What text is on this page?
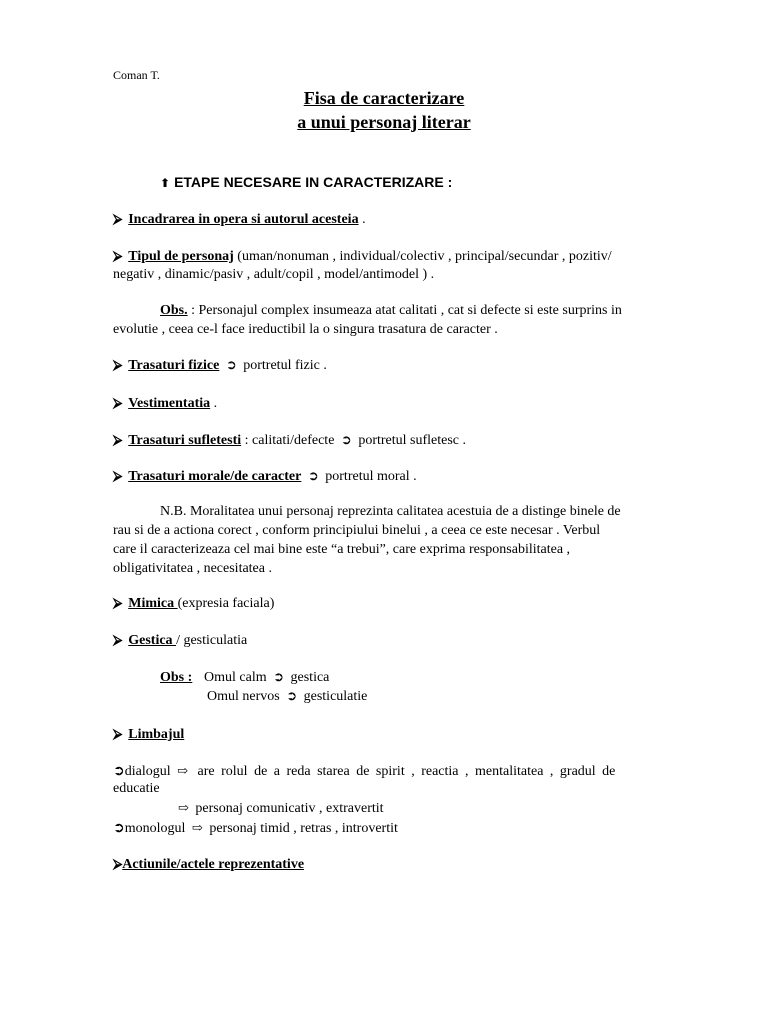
Coman T.
Fisa de caracterizare
a unui personaj literar
⬆ ETAPE NECESARE IN CARACTERIZARE :
⮚ Incadrarea in opera si autorul acesteia .
⮚ Tipul de personaj (uman/nonuman , individual/colectiv , principal/secundar , pozitiv/
negativ , dinamic/pasiv , adult/copil , model/antimodel ) .
Obs. : Personajul complex insumeaza atat calitati , cat si defecte si este surprins in
evolutie , ceea ce-l face ireductibil la o singura trasatura de caracter .
⮚ Trasaturi fizice ➲ portretul fizic .
⮚ Vestimentatia .
⮚ Trasaturi sufletesti : calitati/defecte ➲ portretul sufletesc .
⮚ Trasaturi morale/de caracter ➲ portretul moral .
N.B. Moralitatea unui personaj reprezinta calitatea acestuia de a distinge binele de
rau si de a actiona corect , conform principiului binelui , a ceea ce este necesar . Verbul
care il caracterizeaza cel mai bine este “a trebui”, care exprima responsabilitatea ,
obligativitatea , necesitatea .
⮚ Mimica (expresia faciala)
⮚ Gestica / gesticulatia
Obs : Omul calm ➲ gestica
Omul nervos ➲ gesticulatie
⮚ Limbajul
➲dialogul ⇨ are rolul de a reda starea de spirit , reactia , mentalitatea , gradul de
educatie
⇨ personaj comunicativ , extravertit
➲monologul ⇨ personaj timid , retras , introvertit
⮚Actiunile/actele reprezentative
